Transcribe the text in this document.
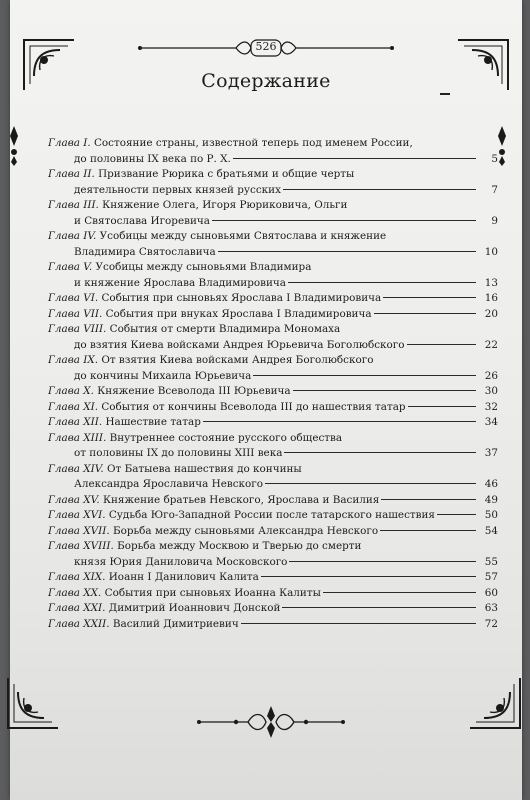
526
Содержание
Глава I. Состояние страны, известной теперь под именем России,
до половины IX века по Р. Х.	5
Глава II. Призвание Рюрика с братьями и общие черты
деятельности первых князей русских	7
Глава III. Княжение Олега, Игоря Рюриковича, Ольги
и Святослава Игоревича	9
Глава IV. Усобицы между сыновьями Святослава и княжение
Владимира Святославича	10
Глава V. Усобицы между сыновьями Владимира
и княжение Ярослава Владимировича	13
Глава VI. События при сыновьях Ярослава I Владимировича	16
Глава VII. События при внуках Ярослава I Владимировича	20
Глава VIII. События от смерти Владимира Мономаха
до взятия Киева войсками Андрея Юрьевича Боголюбского	22
Глава IX. От взятия Киева войсками Андрея Боголюбского
до кончины Михаила Юрьевича	26
Глава X. Княжение Всеволода III Юрьевича	30
Глава XI. События от кончины Всеволода III до нашествия татар	32
Глава XII. Нашествие татар	34
Глава XIII. Внутреннее состояние русского общества
от половины IX до половины XIII века	37
Глава XIV. От Батыева нашествия до кончины
Александра Ярославича Невского	46
Глава XV. Княжение братьев Невского, Ярослава и Василия	49
Глава XVI. Судьба Юго-Западной России после татарского нашествия	50
Глава XVII. Борьба между сыновьями Александра Невского	54
Глава XVIII. Борьба между Москвою и Тверью до смерти
князя Юрия Даниловича Московского	55
Глава XIX. Иоанн I Данилович Калита	57
Глава XX. События при сыновьях Иоанна Калиты	60
Глава XXI. Димитрий Иоаннович Донской	63
Глава XXII. Василий Димитриевич	72
